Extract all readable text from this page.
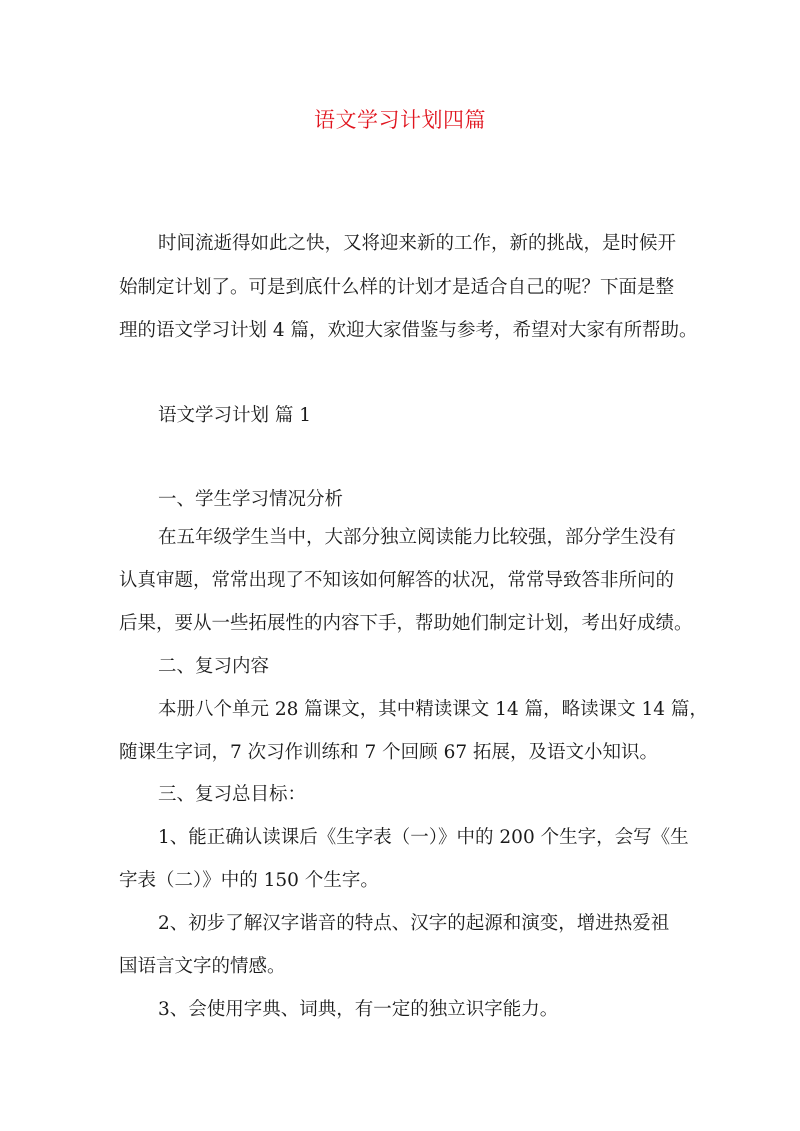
语文学习计划四篇
时间流逝得如此之快，又将迎来新的工作，新的挑战，是时候开
始制定计划了。可是到底什么样的计划才是适合自己的呢？下面是整
理的语文学习计划 4 篇，欢迎大家借鉴与参考，希望对大家有所帮助。
语文学习计划 篇 1
一、学生学习情况分析
在五年级学生当中，大部分独立阅读能力比较强，部分学生没有
认真审题，常常出现了不知该如何解答的状况，常常导致答非所问的
后果，要从一些拓展性的内容下手，帮助她们制定计划，考出好成绩。
二、复习内容
本册八个单元 28 篇课文，其中精读课文 14 篇，略读课文 14 篇，
随课生字词，7 次习作训练和 7 个回顾 67 拓展，及语文小知识。
三、复习总目标：
1、能正确认读课后《生字表（一）》中的 200 个生字，会写《生
字表（二）》中的 150 个生字。
2、初步了解汉字谐音的特点、汉字的起源和演变，增进热爱祖
国语言文字的情感。
3、会使用字典、词典，有一定的独立识字能力。
